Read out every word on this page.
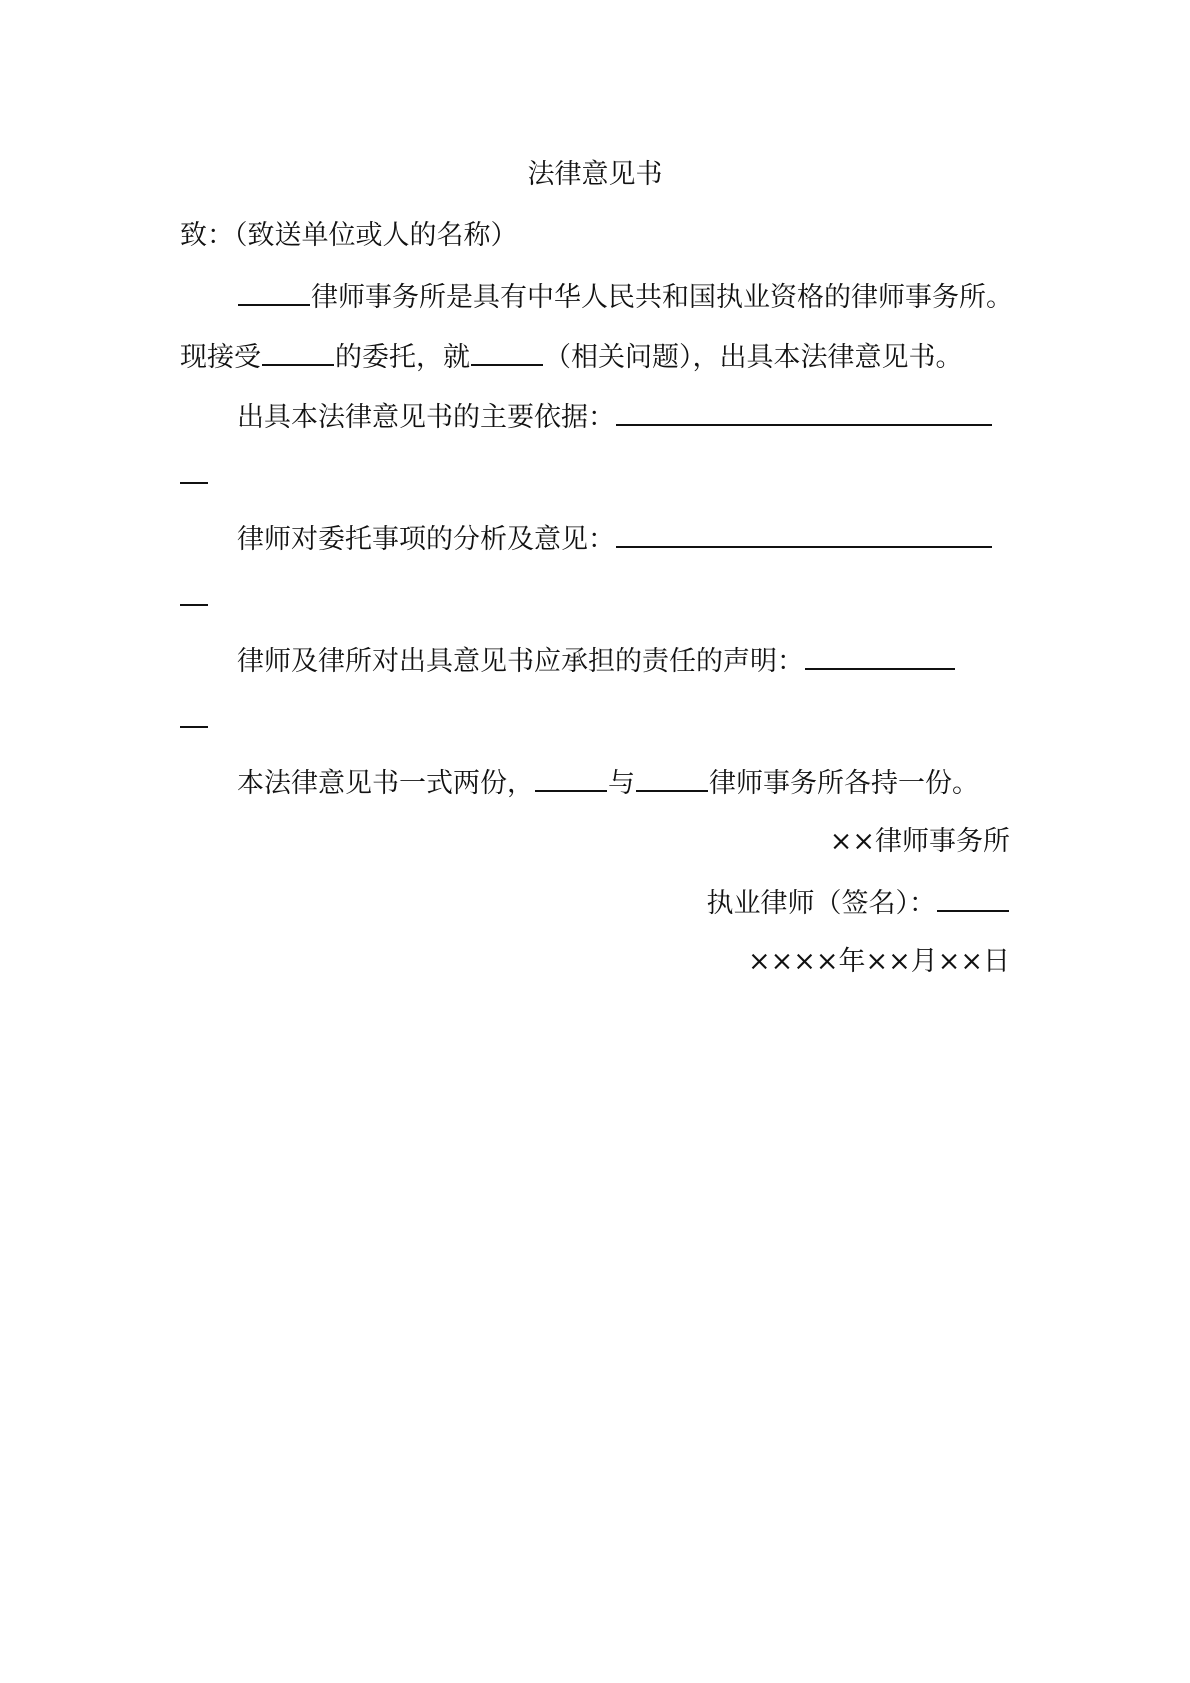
法律意见书
致：（致送单位或人的名称）
律师事务所是具有中华人民共和国执业资格的律师事务所。
现接受	的委托，就	（相关问题），出具本法律意见书。
出具本法律意见书的主要依据：
律师对委托事项的分析及意见：
律师及律所对出具意见书应承担的责任的声明：
本法律意见书一式两份，	与	律师事务所各持一份。
××律师事务所
执业律师（签名）：
××××年××月××日
